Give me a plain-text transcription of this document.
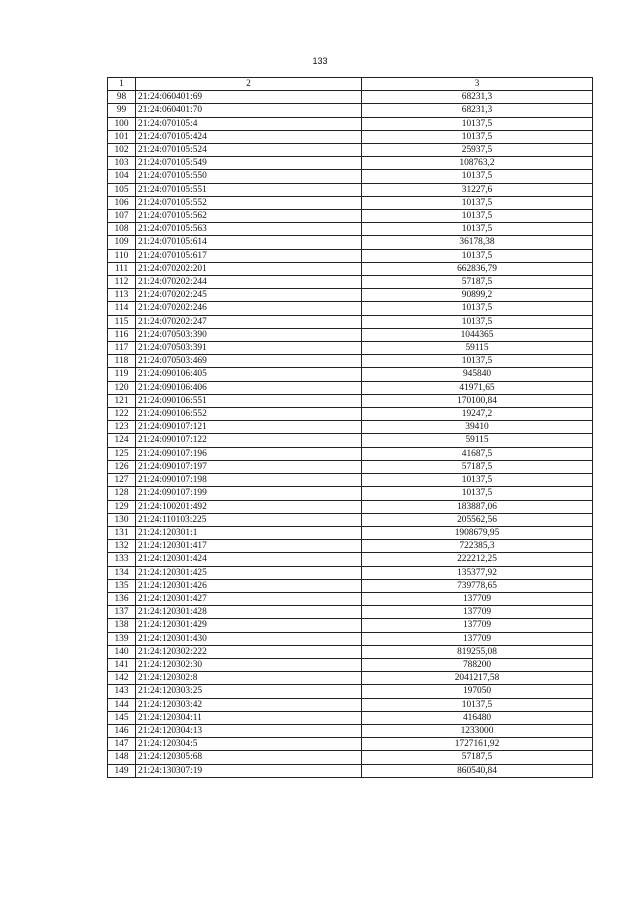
133
1	2	3
98	21:24:060401:69	68231,3
99	21:24:060401:70	68231,3
100	21:24:070105:4	10137,5
101	21:24:070105:424	10137,5
102	21:24:070105:524	25937,5
103	21:24:070105:549	108763,2
104	21:24:070105:550	10137,5
105	21:24:070105:551	31227,6
106	21:24:070105:552	10137,5
107	21:24:070105:562	10137,5
108	21:24:070105:563	10137,5
109	21:24:070105:614	36178,38
110	21:24:070105:617	10137,5
111	21:24:070202:201	662836,79
112	21:24:070202:244	57187,5
113	21:24:070202:245	90899,2
114	21:24:070202:246	10137,5
115	21:24:070202:247	10137,5
116	21:24:070503:390	1044365
117	21:24:070503:391	59115
118	21:24:070503:469	10137,5
119	21:24:090106:405	945840
120	21:24:090106:406	41971,65
121	21:24:090106:551	170100,84
122	21:24:090106:552	19247,2
123	21:24:090107:121	39410
124	21:24:090107:122	59115
125	21:24:090107:196	41687,5
126	21:24:090107:197	57187,5
127	21:24:090107:198	10137,5
128	21:24:090107:199	10137,5
129	21:24:100201:492	183887,06
130	21:24:110103:225	205562,56
131	21:24:120301:1	1908679,95
132	21:24:120301:417	722385,3
133	21:24:120301:424	222212,25
134	21:24:120301:425	135377,92
135	21:24:120301:426	739778,65
136	21:24:120301:427	137709
137	21:24:120301:428	137709
138	21:24:120301:429	137709
139	21:24:120301:430	137709
140	21:24:120302:222	819255,08
141	21:24:120302:30	788200
142	21:24:120302:8	2041217,58
143	21:24:120303:25	197050
144	21:24:120303:42	10137,5
145	21:24:120304:11	416480
146	21:24:120304:13	1233000
147	21:24:120304:5	1727161,92
148	21:24:120305:68	57187,5
149	21:24:130307:19	860540,84
